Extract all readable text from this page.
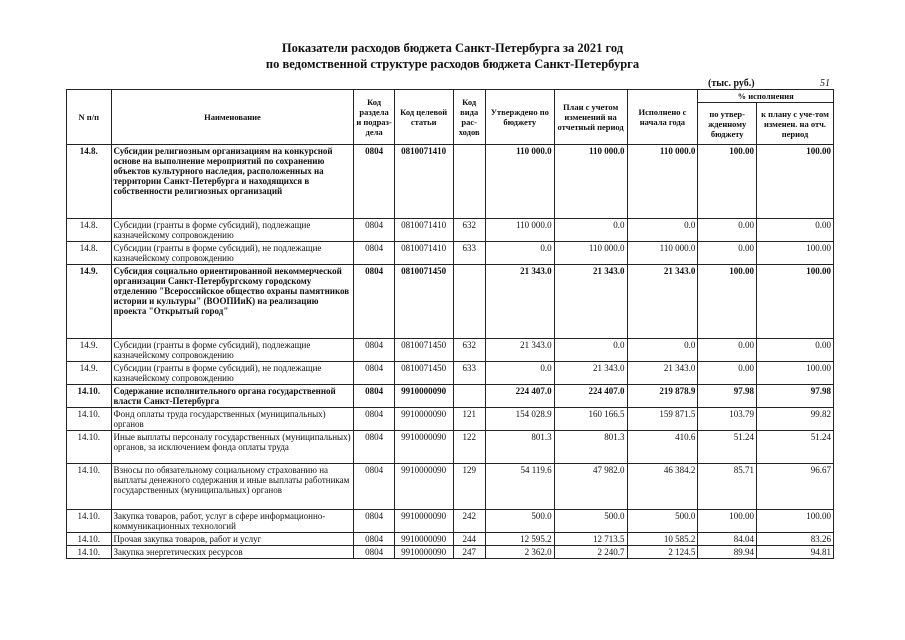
Показатели расходов бюджета Санкт-Петербурга за 2021 год
по ведомственной структуре расходов бюджета Санкт-Петербурга
(тыс. руб.)	51
N п/п	Наименование	Код раздела и подраз-дела	Код целевой статьи	Код вида рас-ходов	Утверждено по бюджету	План с учетом изменений на отчетный период	Исполнено с начала года	% исполнения	
								по утвер-жденному бюджету	к плану с уче-том изменен. на отч. период
14.8.	Субсидии религиозным организациям на конкурсной основе на выполнение мероприятий по сохранению объектов культурного наследия, расположенных на территории Санкт-Петербурга и находящихся в собственности религиозных организаций	0804	0810071410		110 000.0	110 000.0	110 000.0	100.00	100.00
14.8.	Субсидии (гранты в форме субсидий), подлежащие казначейскому сопровождению	0804	0810071410	632	110 000.0	0.0	0.0	0.00	0.00
14.8.	Субсидии (гранты в форме субсидий), не подлежащие казначейскому сопровождению	0804	0810071410	633	0.0	110 000.0	110 000.0	0.00	100.00
14.9.	Субсидия социально ориентированной некоммерческой организации Санкт-Петербургскому городскому отделению "Всероссийское общество охраны памятников истории и культуры" (ВООПИиК) на реализацию проекта "Открытый город"	0804	0810071450		21 343.0	21 343.0	21 343.0	100.00	100.00
14.9.	Субсидии (гранты в форме субсидий), подлежащие казначейскому сопровождению	0804	0810071450	632	21 343.0	0.0	0.0	0.00	0.00
14.9.	Субсидии (гранты в форме субсидий), не подлежащие казначейскому сопровождению	0804	0810071450	633	0.0	21 343.0	21 343.0	0.00	100.00
14.10.	Содержание исполнительного органа государственной власти Санкт-Петербурга	0804	9910000090		224 407.0	224 407.0	219 878.9	97.98	97.98
14.10.	Фонд оплаты труда государственных (муниципальных) органов	0804	9910000090	121	154 028.9	160 166.5	159 871.5	103.79	99.82
14.10.	Иные выплаты персоналу государственных (муниципальных) органов, за исключением фонда оплаты труда	0804	9910000090	122	801.3	801.3	410.6	51.24	51.24
14.10.	Взносы по обязательному социальному страхованию на выплаты денежного содержания и иные выплаты работникам государственных (муниципальных) органов	0804	9910000090	129	54 119.6	47 982.0	46 384.2	85.71	96.67
14.10.	Закупка товаров, работ, услуг в сфере информационно-коммуникационных технологий	0804	9910000090	242	500.0	500.0	500.0	100.00	100.00
14.10.	Прочая закупка товаров, работ и услуг	0804	9910000090	244	12 595.2	12 713.5	10 585.2	84.04	83.26
14.10.	Закупка энергетических ресурсов	0804	9910000090	247	2 362.0	2 240.7	2 124.5	89.94	94.81
